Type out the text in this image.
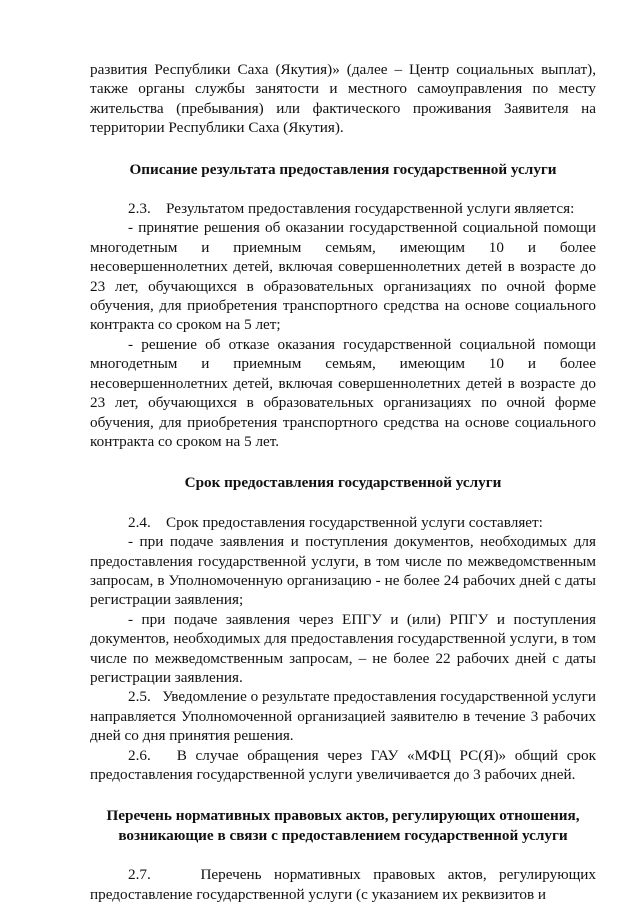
развития Республики Саха (Якутия)» (далее – Центр социальных выплат), также органы службы занятости и местного самоуправления по месту жительства (пребывания) или фактического проживания Заявителя на территории Республики Саха (Якутия).

Описание результата предоставления государственной услуги

2.3.    Результатом предоставления государственной услуги является:

- принятие решения об оказании государственной социальной помощи многодетным и приемным семьям, имеющим 10 и более несовершеннолетних детей, включая совершеннолетних детей в возрасте до 23 лет, обучающихся в образовательных организациях по очной форме обучения, для приобретения транспортного средства на основе социального контракта со сроком на 5 лет;

- решение об отказе оказания государственной социальной помощи многодетным и приемным семьям, имеющим 10 и более несовершеннолетних детей, включая совершеннолетних детей в возрасте до 23 лет, обучающихся в образовательных организациях по очной форме обучения, для приобретения транспортного средства на основе социального контракта со сроком на 5 лет.

Срок предоставления государственной услуги

2.4.    Срок предоставления государственной услуги составляет:

- при подаче заявления и поступления документов, необходимых для предоставления государственной услуги, в том числе по межведомственным запросам, в Уполномоченную организацию - не более 24 рабочих дней с даты регистрации заявления;

- при подаче заявления через ЕПГУ и (или) РПГУ и поступления документов, необходимых для предоставления государственной услуги, в том числе по межведомственным запросам, – не более 22 рабочих дней с даты регистрации заявления.

2.5.   Уведомление о результате предоставления государственной услуги направляется Уполномоченной организацией заявителю в течение 3 рабочих дней со дня принятия решения.

2.6.   В случае обращения через ГАУ «МФЦ РС(Я)» общий срок предоставления государственной услуги увеличивается до 3 рабочих дней.

Перечень нормативных правовых актов, регулирующих отношения,
возникающие в связи с предоставлением государственной услуги

2.7.    Перечень нормативных правовых актов, регулирующих предоставление государственной услуги (с указанием их реквизитов и
